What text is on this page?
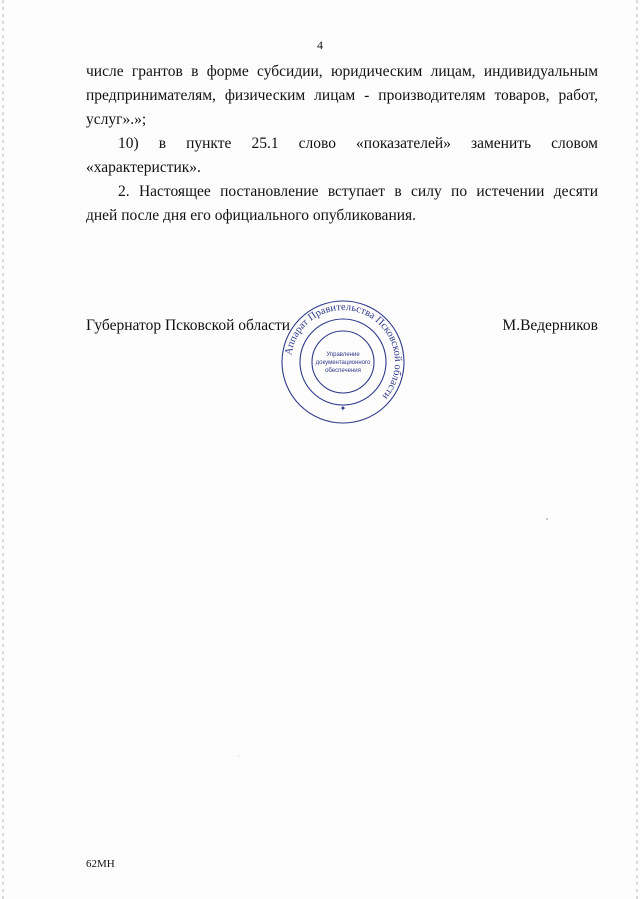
4

числе грантов в форме субсидии, юридическим лицам, индивидуальным
предпринимателям, физическим лицам - производителям товаров, работ,
услуг».»;

10) в пункте 25.1 слово «показателей» заменить словом
«характеристик».

2. Настоящее постановление вступает в силу по истечении десяти
дней после дня его официального опубликования.

Аппарат Правительства Псковской области
Управление
документационного
обеспечения
✦
Губернатор Псковской области	М.Ведерников
62МН
